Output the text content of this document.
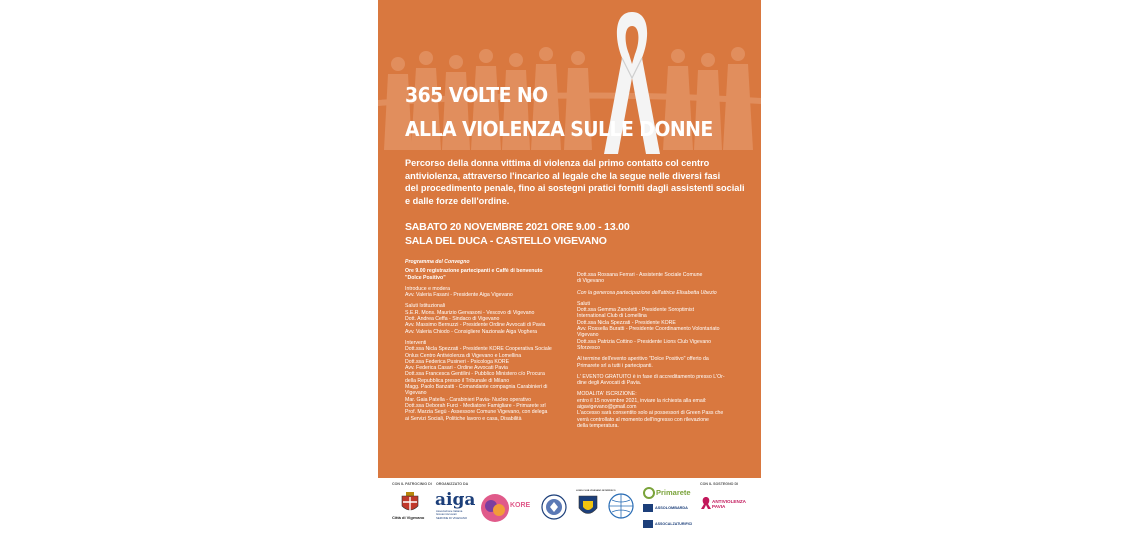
365 VOLTE NO
ALLA VIOLENZA SULLE DONNE
Percorso della donna vittima di violenza dal primo contatto col centro
antiviolenza, attraverso l'incarico al legale che la segue nelle diversi fasi
del procedimento penale, fino ai sostegni pratici forniti dagli assistenti sociali
e dalle forze dell'ordine.
SABATO 20 NOVEMBRE 2021 ORE 9.00 - 13.00
SALA DEL DUCA - CASTELLO VIGEVANO
Programma del Convegno
Ore 9.00 registrazione partecipanti e Caffè di benvenuto
"Dolce Positivo"
Introduce e modera
Avv. Valeria Fasani - Presidente Aiga Vigevano
Saluti Istituzionali
S.E.R. Mons. Maurizio Gervasoni - Vescovo di Vigevano
Dott. Andrea Ceffa - Sindaco di Vigevano
Avv. Massimo Bernuzzi - Presidente Ordine Avvocati di Pavia
Avv. Valeria Chiodo - Consigliere Nazionale Aiga Voghera
Interventi
Dott.ssa Nicla Spezzati - Presidente KORE Cooperativa Sociale
Onlus Centro Antiviolenza di Vigevano e Lomellina
Dott.ssa Federica Pusineri - Psicologa KORE
Avv. Federica Casari - Ordine Avvocati Pavia
Dott.ssa Francesca Gentilini - Pubblico Ministero c/o Procura
della Repubblica presso il Tribunale di Milano
Magg. Paolo Banzatti - Comandante compagnia Carabinieri di
Vigevano
Mar. Gaia Patella - Carabinieri Pavia- Nucleo operativo
Dott.ssa Deborah Furci - Mediatore Famigliare - Primarete srl
Prof. Marzia Segù - Assessore Comune Vigevano, con delega
ai Servizi Sociali, Politiche lavoro e casa, Disabilità
Dott.ssa Rossana Ferrari - Assistente Sociale Comune
di Vigevano
Con la generosa partecipazione dell'attrice Elisabetta Ubezio
Saluti
Dott.ssa Gemma Zanoletti - Presidente Soroptimist
International Club di Lomellina
Dott.ssa Nicla Spezzati - Presidente KORE
Avv. Rossella Buratti - Presidente Coordinamento Volontariato
Vigevano
Dott.ssa Patrizia Cottino - Presidente Lions Club Vigevano
Sforzesco
Al termine dell'evento aperitivo "Dolce Positivo" offerto da
Primarete srl a tutti i partecipanti.
L' EVENTO GRATUITO è in fase di accreditamento presso L'Or-
dine degli Avvocati di Pavia.
MODALITA' ISCRIZIONE:
entro il 15 novembre 2021, inviare la richiesta alla email:
aigavigevano@gmail.com
L'accesso sarà consentito solo ai possessori di Green Pass che
verrà controllato al momento dell'ingresso con rilevazione
della temperatura.
CON IL PATROCINIO DI ORGANIZZATO DA	CON IL SOSTEGNO DI
Città di Vigevano
aiga
Associazione Italiana
Giovani Avvocati
SEZIONE DI VIGEVANO
KORE
LIONS CLUB VIGEVANO SFORZESCO	Primarete
ASSOLOMBARDA
ASSOCALZATURIFICI
ANTIVIOLENZA
PAVIA
